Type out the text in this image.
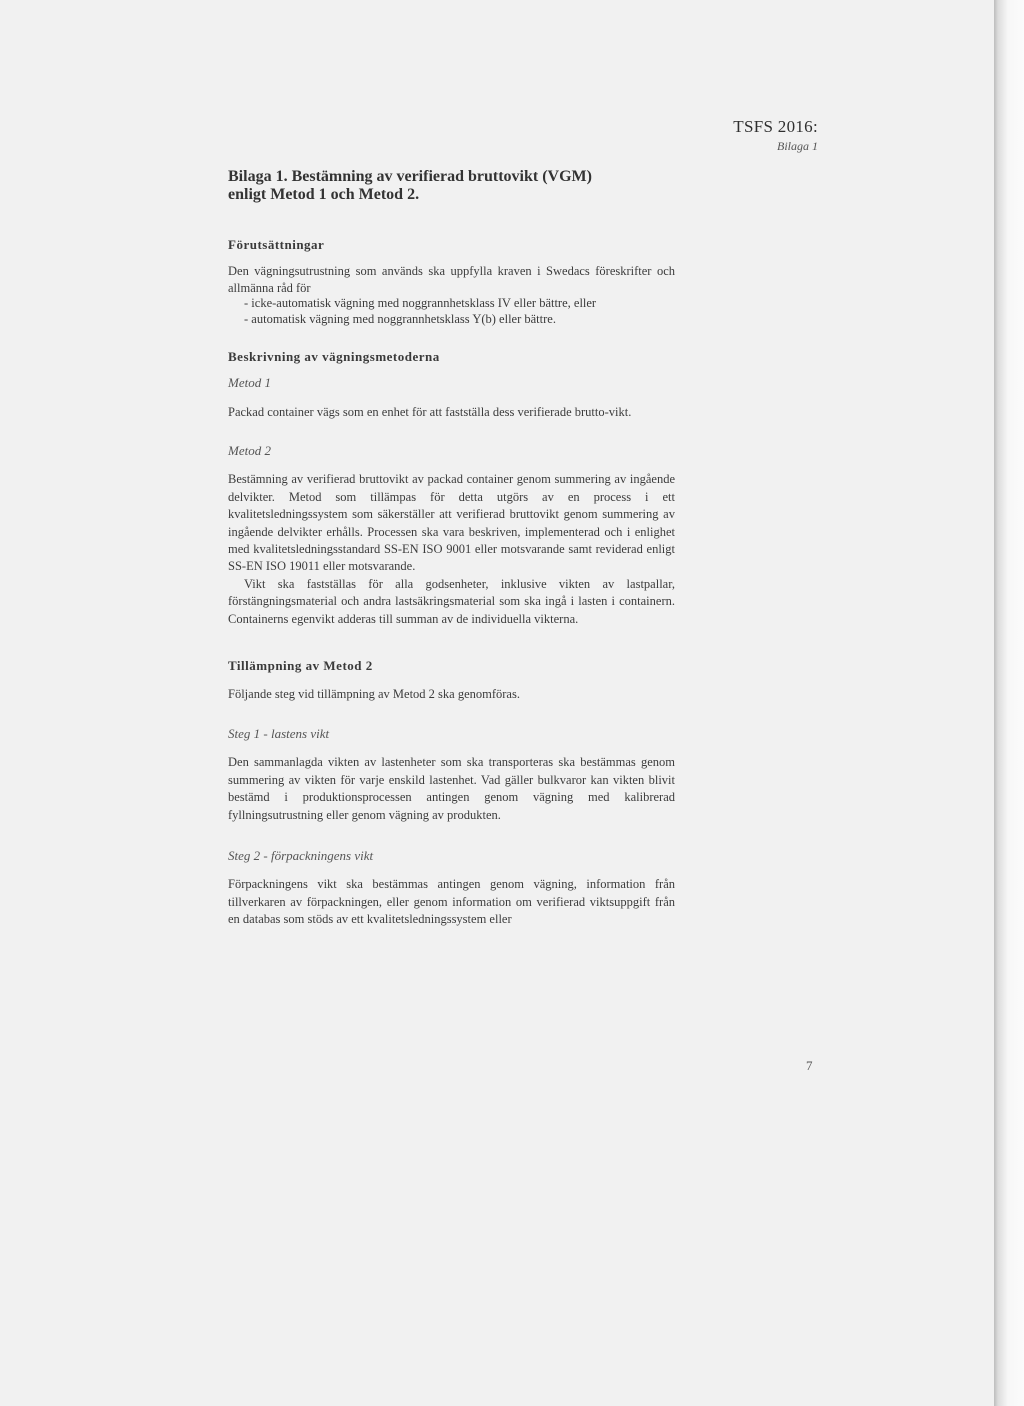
TSFS 2016:
Bilaga 1
Bilaga 1. Bestämning av verifierad bruttovikt (VGM)
enligt Metod 1 och Metod 2.
Förutsättningar

Den vägningsutrustning som används ska uppfylla kraven i Swedacs föreskrifter och allmänna råd för

- icke-automatisk vägning med noggrannhetsklass IV eller bättre, eller
- automatisk vägning med noggrannhetsklass Y(b) eller bättre.
Beskrivning av vägningsmetoderna

Metod 1

Packad container vägs som en enhet för att fastställa dess verifierade brutto-vikt.

Metod 2

Bestämning av verifierad bruttovikt av packad container genom summering av ingående delvikter. Metod som tillämpas för detta utgörs av en process i ett kvalitetsledningssystem som säkerställer att verifierad bruttovikt genom summering av ingående delvikter erhålls. Processen ska vara beskriven, implementerad och i enlighet med kvalitetsledningsstandard SS-EN ISO 9001 eller motsvarande samt reviderad enligt SS-EN ISO 19011 eller motsvarande.

Vikt ska fastställas för alla godsenheter, inklusive vikten av lastpallar, förstängningsmaterial och andra lastsäkringsmaterial som ska ingå i lasten i containern. Containerns egenvikt adderas till summan av de individuella vikterna.

Tillämpning av Metod 2

Följande steg vid tillämpning av Metod 2 ska genomföras.

Steg 1 - lastens vikt

Den sammanlagda vikten av lastenheter som ska transporteras ska bestämmas genom summering av vikten för varje enskild lastenhet. Vad gäller bulkvaror kan vikten blivit bestämd i produktionsprocessen antingen genom vägning med kalibrerad fyllningsutrustning eller genom vägning av produkten.

Steg 2 - förpackningens vikt

Förpackningens vikt ska bestämmas antingen genom vägning, information från tillverkaren av förpackningen, eller genom information om verifierad viktsuppgift från en databas som stöds av ett kvalitetsledningssystem eller

7
